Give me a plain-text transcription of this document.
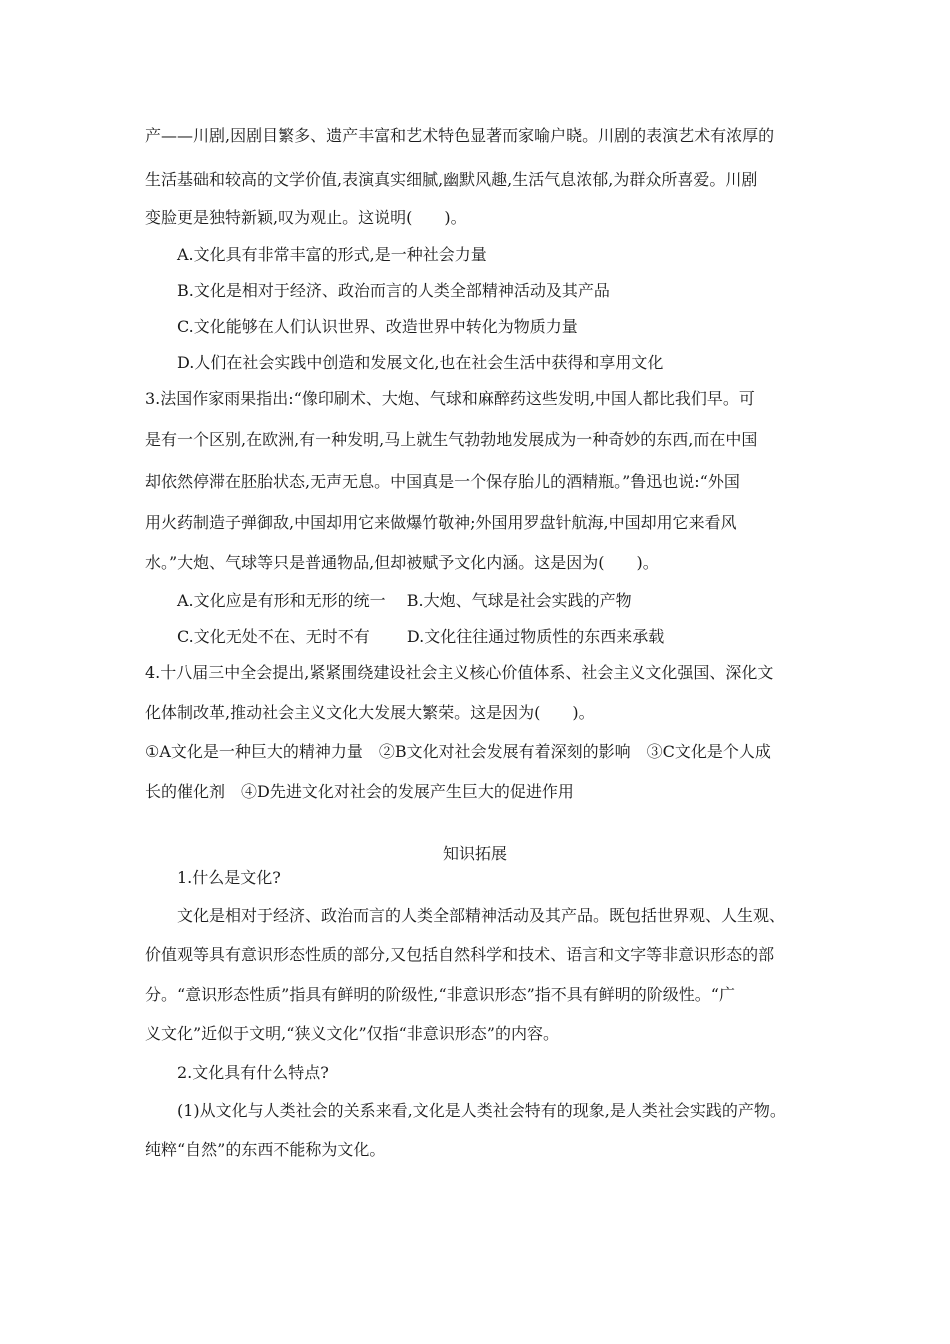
产——川剧,因剧目繁多、遗产丰富和艺术特色显著而家喻户晓。川剧的表演艺术有浓厚的
生活基础和较高的文学价值,表演真实细腻,幽默风趣,生活气息浓郁,为群众所喜爱。川剧
变脸更是独特新颖,叹为观止。这说明(　　)。
A.文化具有非常丰富的形式,是一种社会力量
B.文化是相对于经济、政治而言的人类全部精神活动及其产品
C.文化能够在人们认识世界、改造世界中转化为物质力量
D.人们在社会实践中创造和发展文化,也在社会生活中获得和享用文化
3.法国作家雨果指出:“像印刷术、大炮、气球和麻醉药这些发明,中国人都比我们早。可
是有一个区别,在欧洲,有一种发明,马上就生气勃勃地发展成为一种奇妙的东西,而在中国
却依然停滞在胚胎状态,无声无息。中国真是一个保存胎儿的酒精瓶。”鲁迅也说:“外国
用火药制造子弹御敌,中国却用它来做爆竹敬神;外国用罗盘针航海,中国却用它来看风
水。”大炮、气球等只是普通物品,但却被赋予文化内涵。这是因为(　　)。
A.文化应是有形和无形的统一　 B.大炮、气球是社会实践的产物
C.文化无处不在、无时不有　　 D.文化往往通过物质性的东西来承载
4.十八届三中全会提出,紧紧围绕建设社会主义核心价值体系、社会主义文化强国、深化文
化体制改革,推动社会主义文化大发展大繁荣。这是因为(　　)。
①A文化是一种巨大的精神力量　②B文化对社会发展有着深刻的影响　③C文化是个人成
长的催化剂　④D先进文化对社会的发展产生巨大的促进作用
知识拓展
1.什么是文化?
文化是相对于经济、政治而言的人类全部精神活动及其产品。既包括世界观、人生观、
价值观等具有意识形态性质的部分,又包括自然科学和技术、语言和文字等非意识形态的部
分。“意识形态性质”指具有鲜明的阶级性,“非意识形态”指不具有鲜明的阶级性。“广
义文化”近似于文明,“狭义文化”仅指“非意识形态”的内容。
2.文化具有什么特点?
(1)从文化与人类社会的关系来看,文化是人类社会特有的现象,是人类社会实践的产物。
纯粹“自然”的东西不能称为文化。
